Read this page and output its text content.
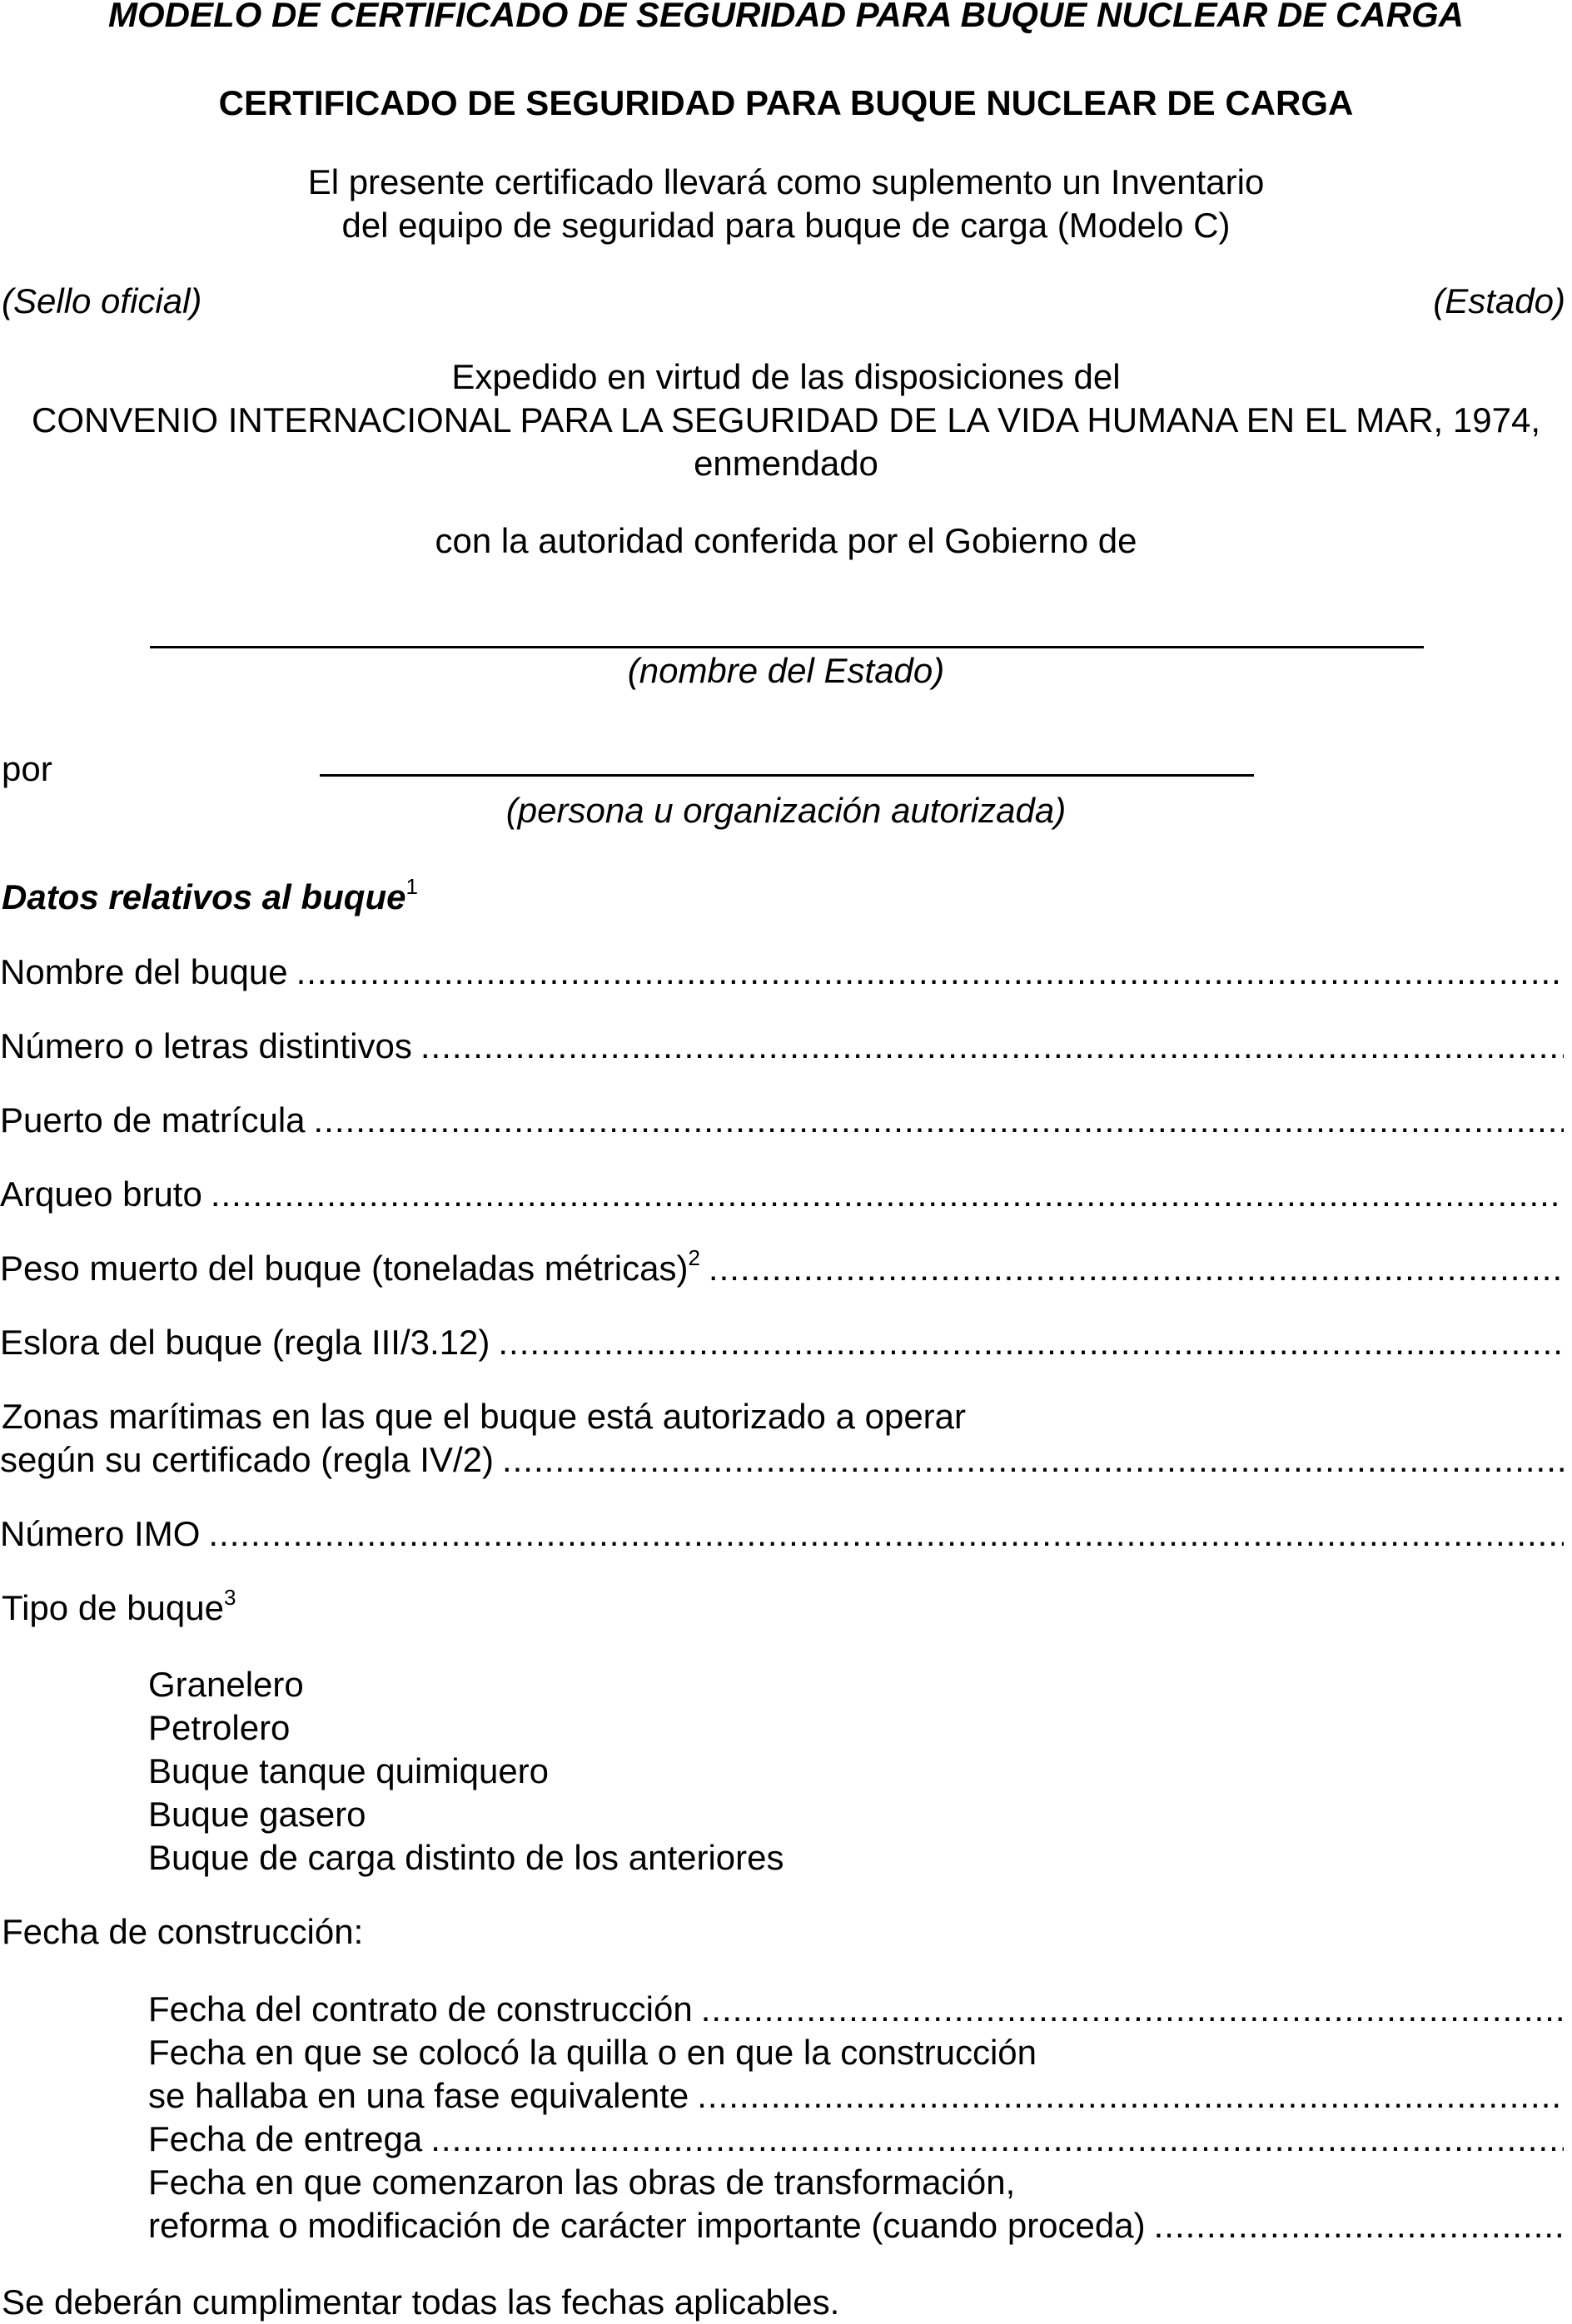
MODELO DE CERTIFICADO DE SEGURIDAD PARA BUQUE NUCLEAR DE CARGA
CERTIFICADO DE SEGURIDAD PARA BUQUE NUCLEAR DE CARGA
El presente certificado llevará como suplemento un Inventario
del equipo de seguridad para buque de carga (Modelo C)
(Sello oficial)	(Estado)
Expedido en virtud de las disposiciones del
CONVENIO INTERNACIONAL PARA LA SEGURIDAD DE LA VIDA HUMANA EN EL MAR, 1974,
enmendado
con la autoridad conferida por el Gobierno de
(nombre del Estado)
por
(persona u organización autorizada)
Datos relativos al buque$^1$
Nombre del buque
.....
Número o letras distintivos
.....
Puerto de matrícula
.....
Arqueo bruto
.....
Peso muerto del buque (toneladas métricas)$^2$
.....
Eslora del buque (regla III/3.12)
.....
Zonas marítimas en las que el buque está autorizado a operar
según su certificado (regla IV/2)
.....
Número IMO
.....
Tipo de buque$^3$
Granelero
Petrolero
Buque tanque quimiquero
Buque gasero
Buque de carga distinto de los anteriores
Fecha de construcción:
Fecha del contrato de construcción
.....
Fecha en que se colocó la quilla o en que la construcción
se hallaba en una fase equivalente
.....
Fecha de entrega
.....
Fecha en que comenzaron las obras de transformación,
reforma o modificación de carácter importante (cuando proceda)
.....
Se deberán cumplimentar todas las fechas aplicables.
